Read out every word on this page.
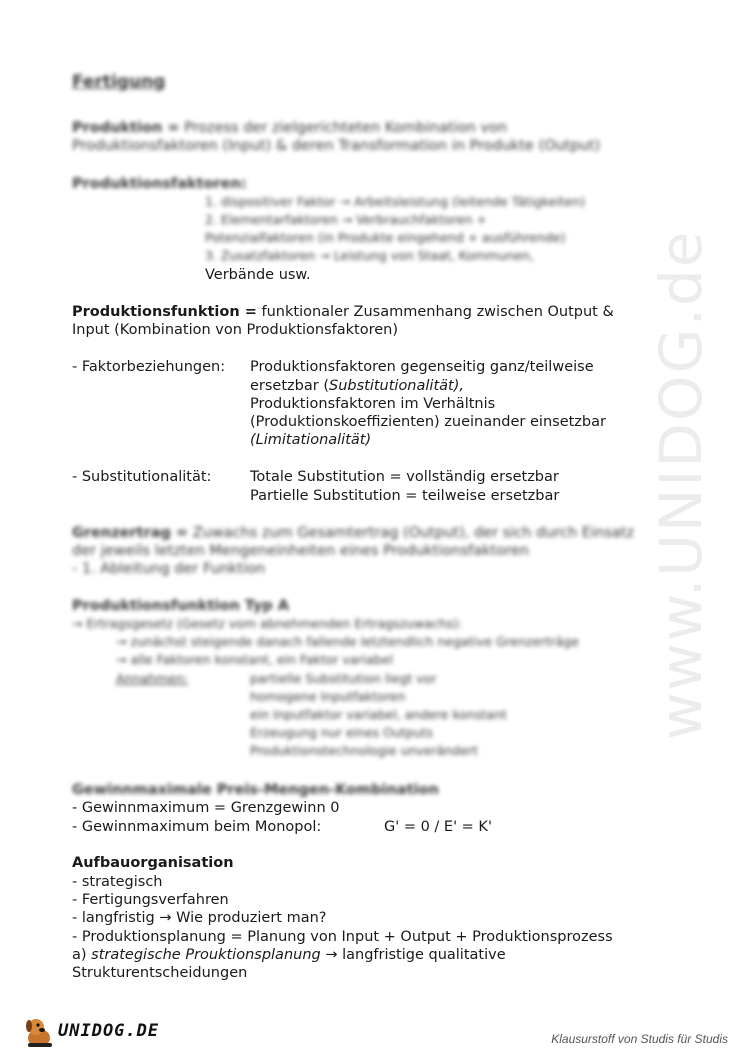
www.UNIDOG.de
Fertigung
Produktion = Prozess der zielgerichteten Kombination von
Produktionsfaktoren (Input) & deren Transformation in Produkte (Output)
Produktionsfaktoren:
1. dispositiver Faktor → Arbeitsleistung (leitende Tätigkeiten)
2. Elementarfaktoren → Verbrauchfaktoren +
Potenzialfaktoren (in Produkte eingehend + ausführende)
3. Zusatzfaktoren → Leistung von Staat, Kommunen,
Verbände usw.
Produktionsfunktion = funktionaler Zusammenhang zwischen Output &
Input (Kombination von Produktionsfaktoren)
- Faktorbeziehungen: Produktionsfaktoren gegenseitig ganz/teilweise
ersetzbar (Substitutionalität),
Produktionsfaktoren im Verhältnis
(Produktionskoeffizienten) zueinander einsetzbar
(Limitationalität)
- Substitutionalität:	Totale Substitution = vollständig ersetzbar
Partielle Substitution = teilweise ersetzbar
Grenzertrag = Zuwachs zum Gesamtertrag (Output), der sich durch Einsatz
der jeweils letzten Mengeneinheiten eines Produktionsfaktoren
- 1. Ableitung der Funktion
Produktionsfunktion Typ A
→ Ertragsgesetz (Gesetz vom abnehmenden Ertragszuwachs):
→ zunächst steigende danach fallende letztendlich negative Grenzerträge
→ alle Faktoren konstant, ein Faktor variabel
Annahmen:	partielle Substitution liegt vor
homogene Inputfaktoren
ein Inputfaktor variabel, andere konstant
Erzeugung nur eines Outputs
Produktionstechnologie unverändert
Gewinnmaximale Preis-Mengen-Kombination
- Gewinnmaximum = Grenzgewinn 0
- Gewinnmaximum beim Monopol:	G' = 0 / E' = K'
Aufbauorganisation
- strategisch
- Fertigungsverfahren
- langfristig → Wie produziert man?
- Produktionsplanung = Planung von Input + Output + Produktionsprozess
a) strategische Prouktionsplanung → langfristige qualitative
Strukturentscheidungen
UNIDOG.DE	Klausurstoff von Studis für Studis
